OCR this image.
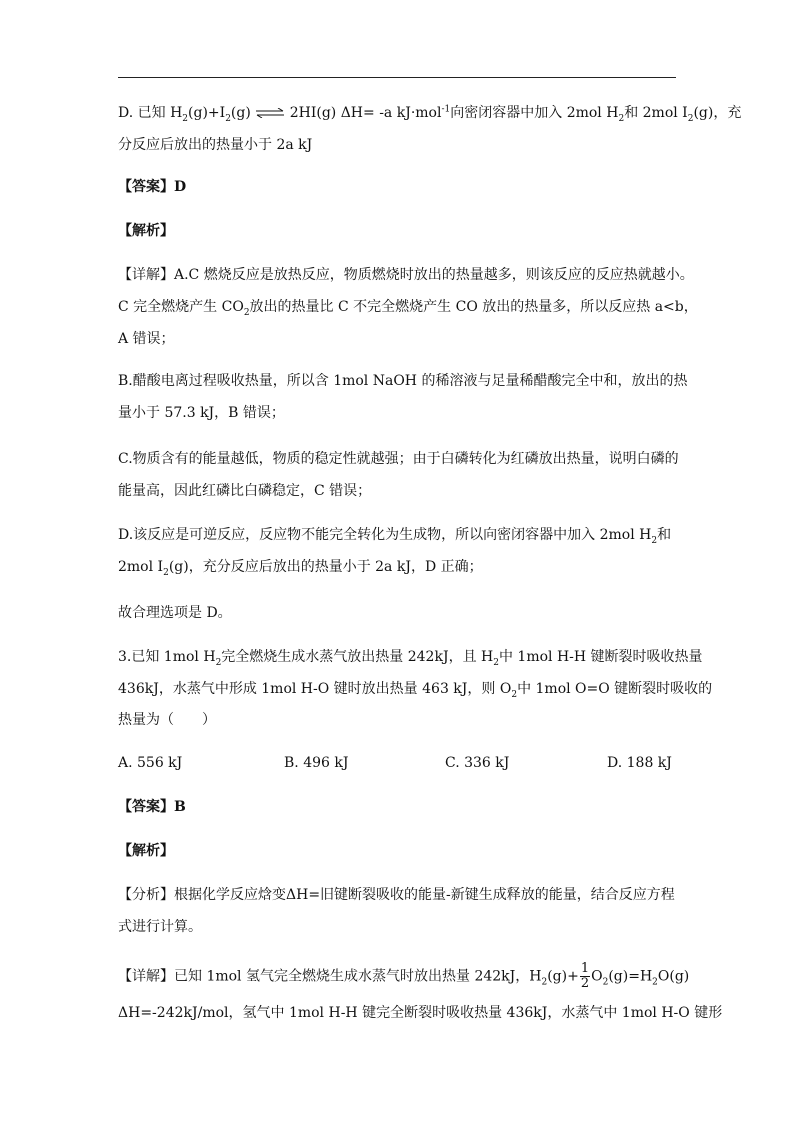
D. 已知 $H_2(g)+I_2(g)$ ⇌ 2HI(g) ΔH= -a kJ·mol$^{-1}$向密闭容器中加入 2mol $H_2$和 2mol $I_2(g)$，充
分反应后放出的热量小于 2a kJ
【答案】D
【解析】
【详解】A.C 燃烧反应是放热反应，物质燃烧时放出的热量越多，则该反应的反应热就越小。
C 完全燃烧产生 $CO_2$放出的热量比 C 不完全燃烧产生 CO 放出的热量多，所以反应热 a<b，
A 错误；
B.醋酸电离过程吸收热量，所以含 1mol NaOH 的稀溶液与足量稀醋酸完全中和，放出的热
量小于 57.3 kJ，B 错误；
C.物质含有的能量越低，物质的稳定性就越强；由于白磷转化为红磷放出热量，说明白磷的
能量高，因此红磷比白磷稳定，C 错误；
D.该反应是可逆反应，反应物不能完全转化为生成物，所以向密闭容器中加入 2mol $H_2$和
2mol $I_2(g)$，充分反应后放出的热量小于 2a kJ，D 正确；
故合理选项是 D。
3.已知 1mol $H_2$完全燃烧生成水蒸气放出热量 242kJ，且 $H_2$中 1mol H-H 键断裂时吸收热量
436kJ，水蒸气中形成 1mol H-O 键时放出热量 463 kJ，则 $O_2$中 1mol O=O 键断裂时吸收的
热量为（　　）
A. 556 kJ	B. 496 kJ	C. 336 kJ	D. 188 kJ
【答案】B
【解析】
【分析】根据化学反应焓变ΔH=旧键断裂吸收的能量-新键生成释放的能量，结合反应方程
式进行计算。
【详解】已知 1mol 氢气完全燃烧生成水蒸气时放出热量 242kJ，$H_2(g)+ \frac{1}{2} O_2(g)=H_2O(g)$
ΔH=-242kJ/mol，氢气中 1mol H-H 键完全断裂时吸收热量 436kJ，水蒸气中 1mol H-O 键形
